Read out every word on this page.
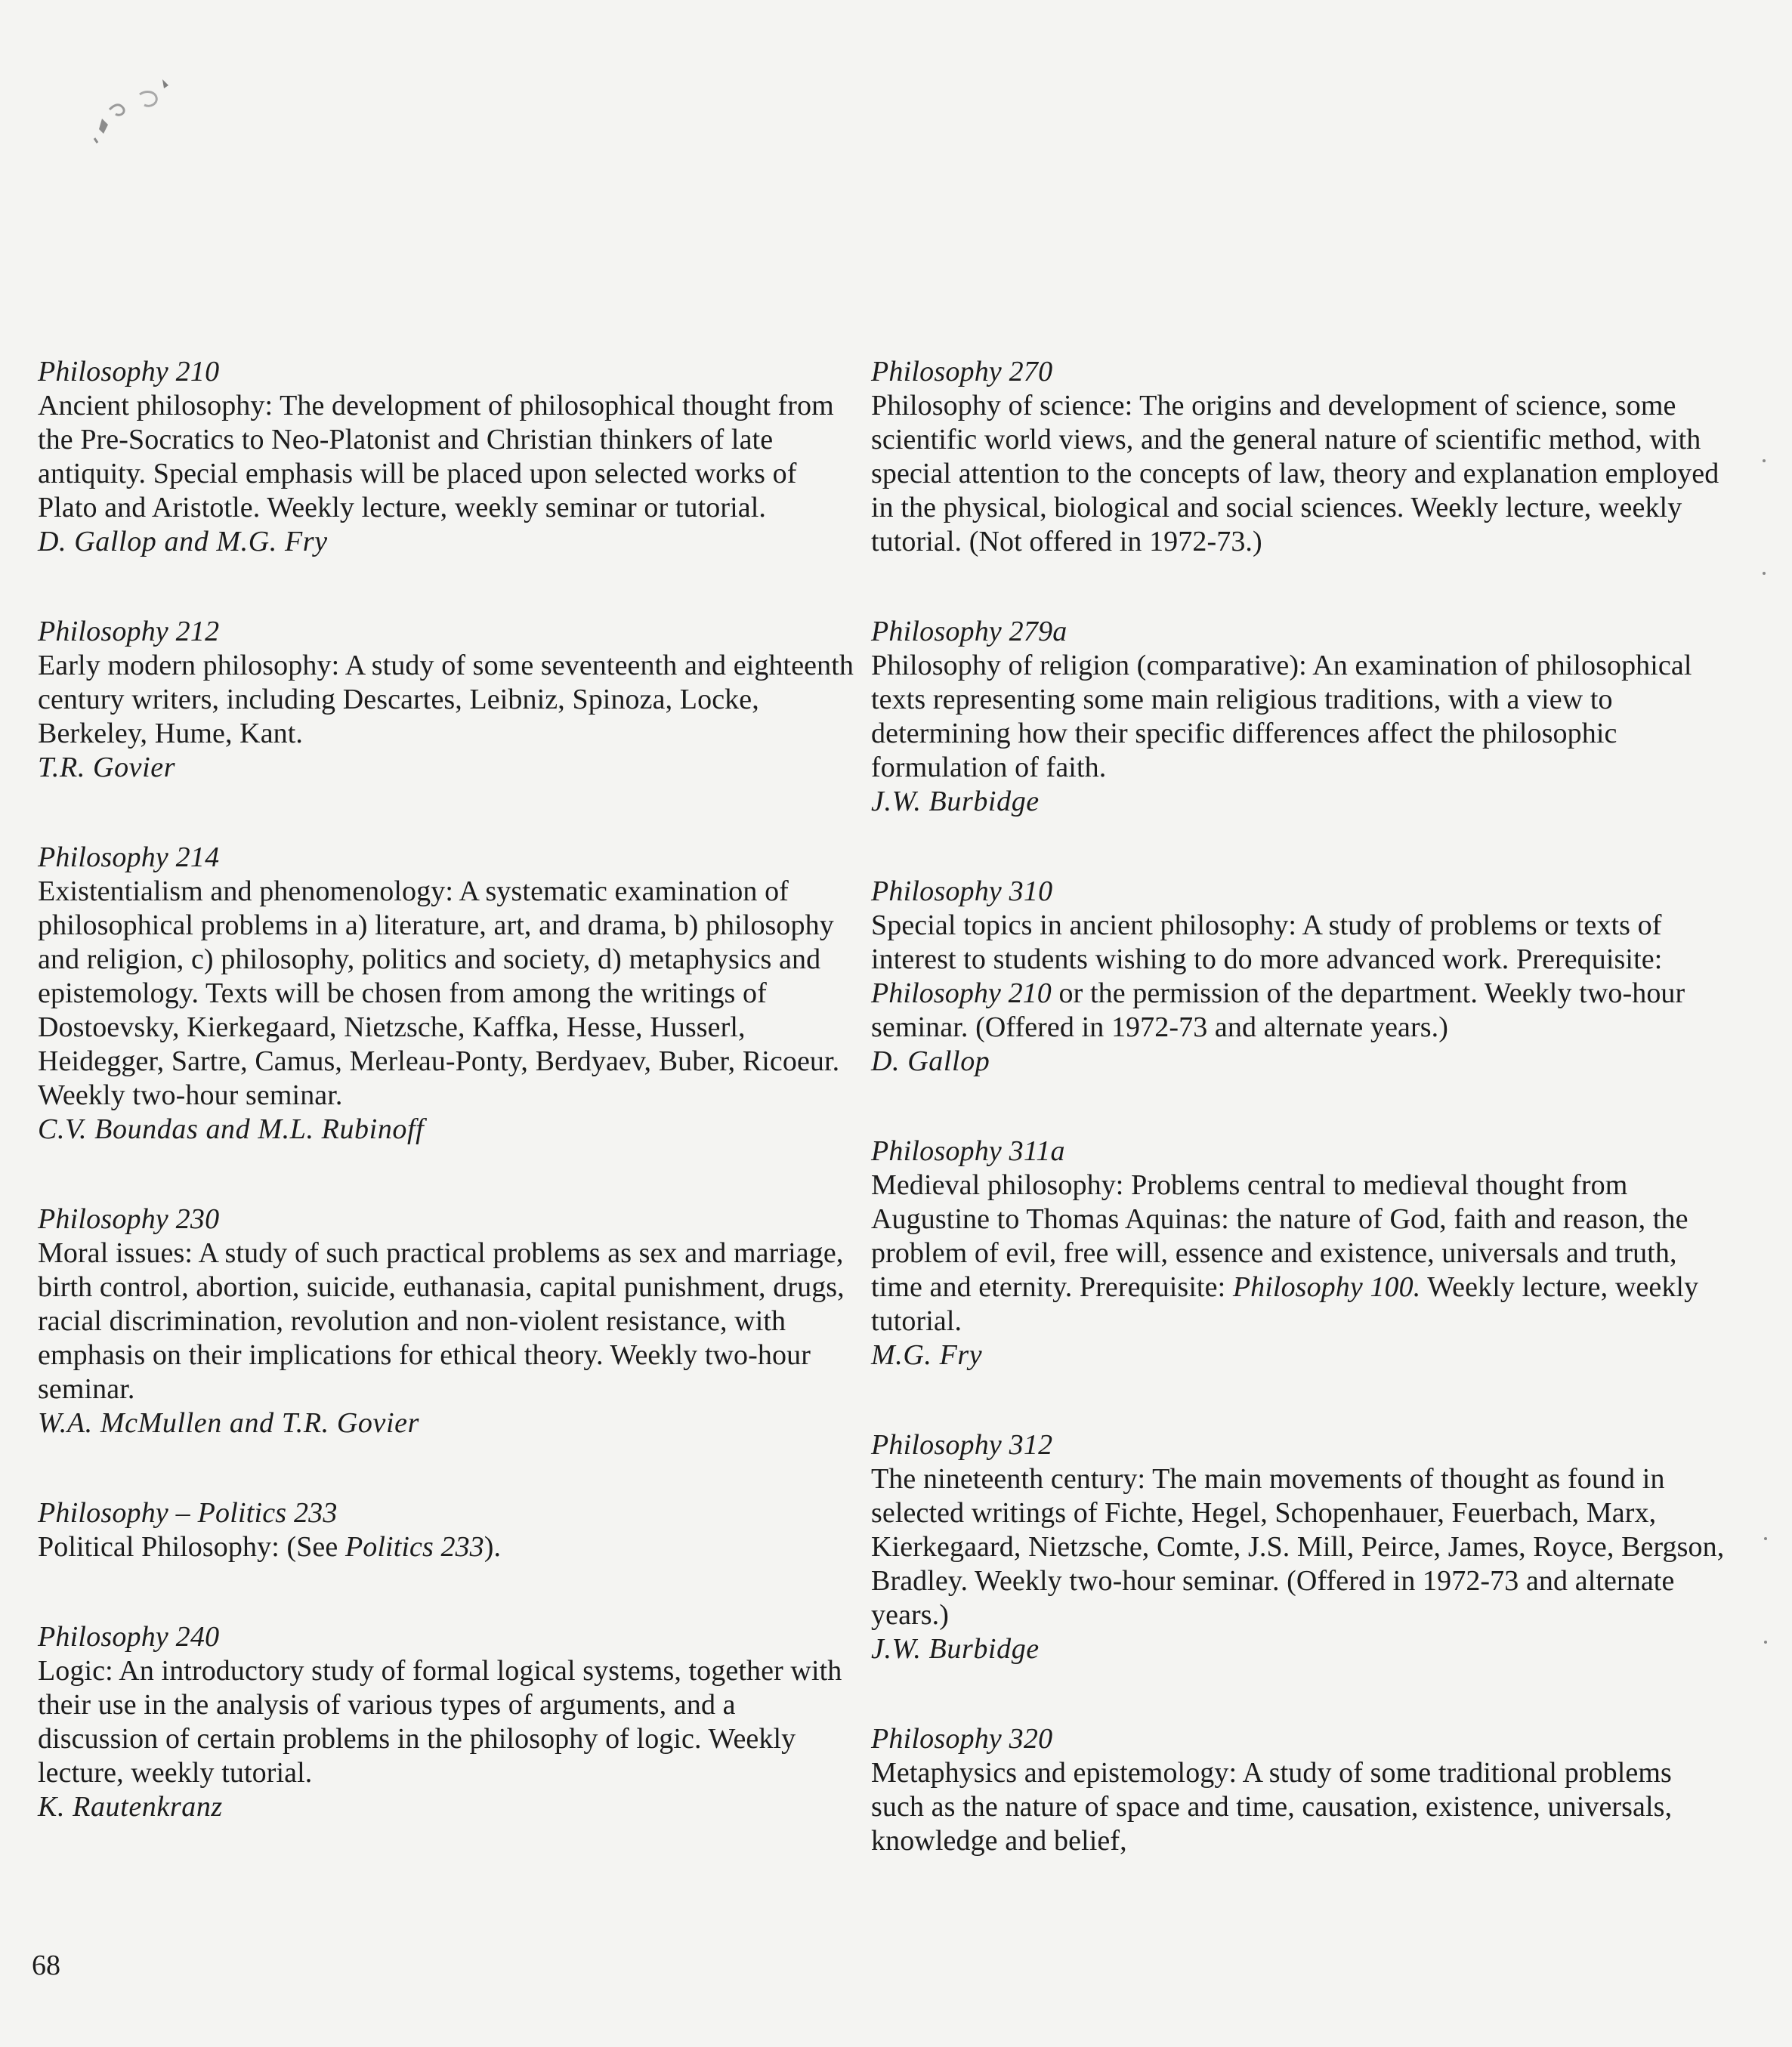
Philosophy 210

Ancient philosophy: The development of philosophical thought from the Pre-Socratics to Neo-Platonist and Christian thinkers of late antiquity. Special emphasis will be placed upon selected works of Plato and Aristotle. Weekly lecture, weekly seminar or tutorial.

D. Gallop and M.G. Fry

Philosophy 212

Early modern philosophy: A study of some seventeenth and eighteenth century writers, including Descartes, Leibniz, Spinoza, Locke, Berkeley, Hume, Kant.

T.R. Govier

Philosophy 214

Existentialism and phenomenology: A systematic examination of philosophical problems in a) literature, art, and drama, b) philosophy and religion, c) philosophy, politics and society, d) metaphysics and epistemology. Texts will be chosen from among the writings of Dostoevsky, Kierkegaard, Nietzsche, Kaffka, Hesse, Husserl, Heidegger, Sartre, Camus, Merleau-Ponty, Berdyaev, Buber, Ricoeur. Weekly two-hour seminar.

C.V. Boundas and M.L. Rubinoff

Philosophy 230

Moral issues: A study of such practical problems as sex and marriage, birth control, abortion, suicide, euthanasia, capital punishment, drugs, racial discrimination, revolution and non-violent resistance, with emphasis on their implications for ethical theory. Weekly two-hour seminar.

W.A. McMullen and T.R. Govier

Philosophy – Politics 233

Political Philosophy: (See Politics 233).

Philosophy 240

Logic: An introductory study of formal logical systems, together with their use in the analysis of various types of arguments, and a discussion of certain problems in the philosophy of logic. Weekly lecture, weekly tutorial.

K. Rautenkranz

Philosophy 270

Philosophy of science: The origins and development of science, some scientific world views, and the general nature of scientific method, with special attention to the concepts of law, theory and explanation employed in the physical, biological and social sciences. Weekly lecture, weekly tutorial. (Not offered in 1972-73.)

Philosophy 279a

Philosophy of religion (comparative): An examination of philosophical texts representing some main religious traditions, with a view to determining how their specific differences affect the philosophic formulation of faith.

J.W. Burbidge

Philosophy 310

Special topics in ancient philosophy: A study of problems or texts of interest to students wishing to do more advanced work. Prerequisite: Philosophy 210 or the permission of the department. Weekly two-hour seminar. (Offered in 1972-73 and alternate years.)

D. Gallop

Philosophy 311a

Medieval philosophy: Problems central to medieval thought from Augustine to Thomas Aquinas: the nature of God, faith and reason, the problem of evil, free will, essence and existence, universals and truth, time and eternity. Prerequisite: Philosophy 100. Weekly lecture, weekly tutorial.

M.G. Fry

Philosophy 312

The nineteenth century: The main movements of thought as found in selected writings of Fichte, Hegel, Schopenhauer, Feuerbach, Marx, Kierkegaard, Nietzsche, Comte, J.S. Mill, Peirce, James, Royce, Bergson, Bradley. Weekly two-hour seminar. (Offered in 1972-73 and alternate years.)

J.W. Burbidge

Philosophy 320

Metaphysics and epistemology: A study of some traditional problems such as the nature of space and time, causation, existence, universals, knowledge and belief,

68
